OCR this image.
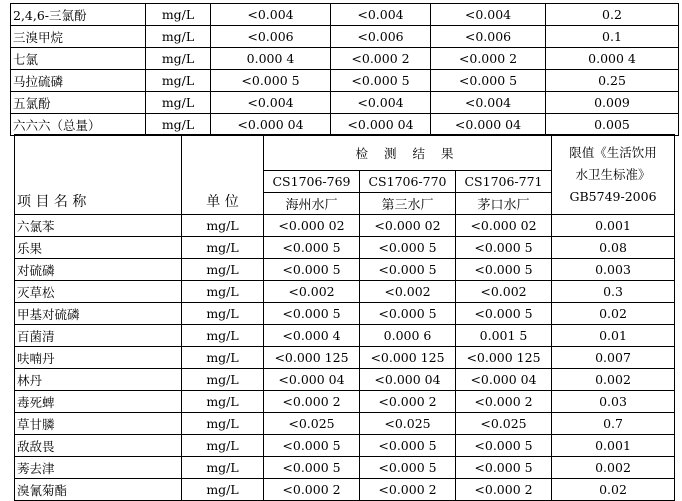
2,4,6-三氯酚	mg/L	<0.004	<0.004	<0.004	0.2
三溴甲烷	mg/L	<0.006	<0.006	<0.006	0.1
七氯	mg/L	0.000 4	<0.000 2	<0.000 2	0.000 4
马拉硫磷	mg/L	<0.000 5	<0.000 5	<0.000 5	0.25
五氯酚	mg/L	<0.004	<0.004	<0.004	0.009
六六六（总量）	mg/L	<0.000 04	<0.000 04	<0.000 04	0.005
项 目 名 称	单 位	检 测 结 果			限值《生活饮用
水卫生标准》
GB5749-2006

		CS1706-769	CS1706-770	CS1706-771	
		海州水厂	第三水厂	茅口水厂	
六氯苯	mg/L	<0.000 02	<0.000 02	<0.000 02	0.001
乐果	mg/L	<0.000 5	<0.000 5	<0.000 5	0.08
对硫磷	mg/L	<0.000 5	<0.000 5	<0.000 5	0.003
灭草松	mg/L	<0.002	<0.002	<0.002	0.3
甲基对硫磷	mg/L	<0.000 5	<0.000 5	<0.000 5	0.02
百菌清	mg/L	<0.000 4	0.000 6	0.001 5	0.01
呋喃丹	mg/L	<0.000 125	<0.000 125	<0.000 125	0.007
林丹	mg/L	<0.000 04	<0.000 04	<0.000 04	0.002
毒死蜱	mg/L	<0.000 2	<0.000 2	<0.000 2	0.03
草甘膦	mg/L	<0.025	<0.025	<0.025	0.7
敌敌畏	mg/L	<0.000 5	<0.000 5	<0.000 5	0.001
莠去津	mg/L	<0.000 5	<0.000 5	<0.000 5	0.002
溴氰菊酯	mg/L	<0.000 2	<0.000 2	<0.000 2	0.02
